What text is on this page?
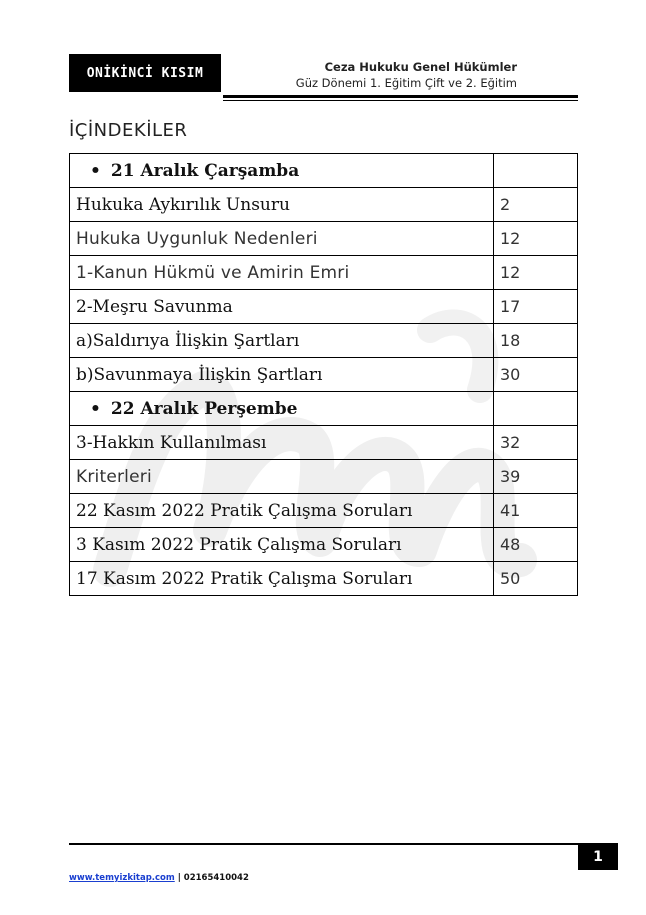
ONİKİNCİ KISIM	Ceza Hukuku Genel Hükümler
Güz Dönemi 1. Eğitim Çift ve 2. Eğitim
İÇİNDEKİLER
• 21 Aralık Çarşamba	
Hukuka Aykırılık Unsuru	2
Hukuka Uygunluk Nedenleri	12
1-Kanun Hükmü ve Amirin Emri	12
2-Meşru Savunma	17
a)Saldırıya İlişkin Şartları	18
b)Savunmaya İlişkin Şartları	30
• 22 Aralık Perşembe	
3-Hakkın Kullanılması	32
Kriterleri	39
22 Kasım 2022 Pratik Çalışma Soruları	41
3 Kasım 2022 Pratik Çalışma Soruları	48
17 Kasım 2022 Pratik Çalışma Soruları	50
1
www.temyizkitap.com | 02165410042
